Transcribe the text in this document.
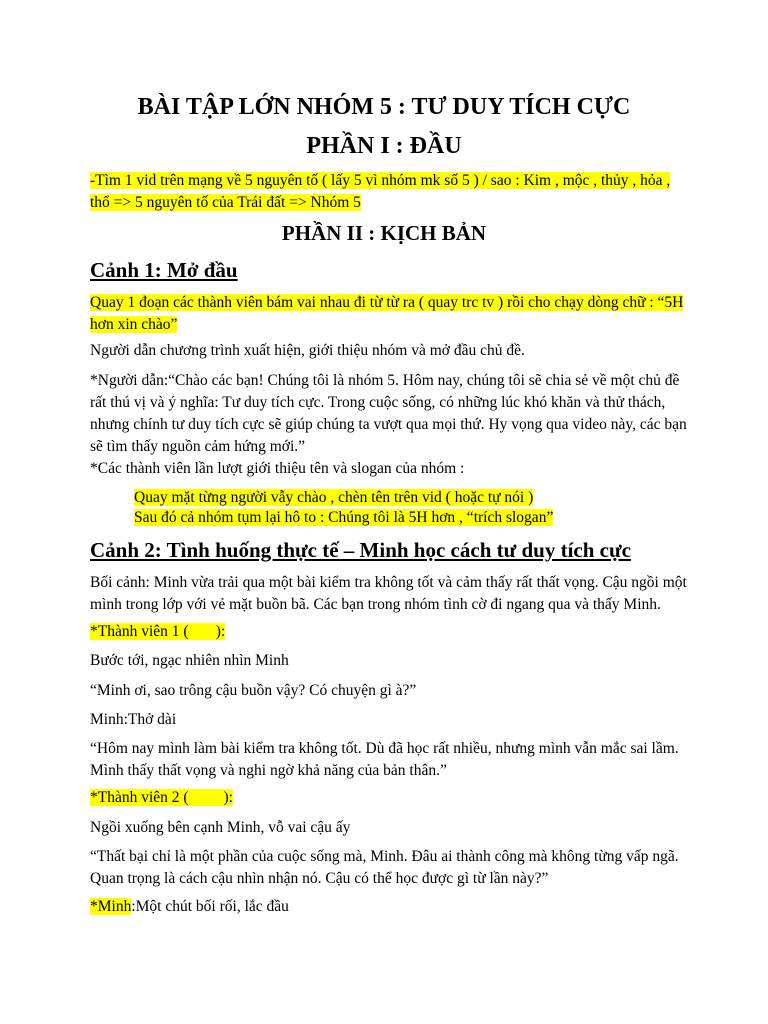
BÀI TẬP LỚN NHÓM 5 : TƯ DUY TÍCH CỰC
PHẦN I : ĐẦU

-Tìm 1 vid trên mạng về 5 nguyên tố ( lấy 5 vì nhóm mk số 5 ) / sao : Kim , mộc , thủy , hỏa , thổ => 5 nguyên tố của Trái đất => Nhóm 5

PHẦN II : KỊCH BẢN
Cảnh 1: Mở đầu

Quay 1 đoạn các thành viên bám vai nhau đi từ từ ra ( quay trc tv ) rồi cho chạy dòng chữ : “5H hơn xin chào”

Người dẫn chương trình xuất hiện, giới thiệu nhóm và mở đầu chủ đề.

*Người dẫn:“Chào các bạn! Chúng tôi là nhóm 5. Hôm nay, chúng tôi sẽ chia sẻ về một chủ đề rất thú vị và ý nghĩa: Tư duy tích cực. Trong cuộc sống, có những lúc khó khăn và thử thách, nhưng chính tư duy tích cực sẽ giúp chúng ta vượt qua mọi thứ. Hy vọng qua video này, các bạn sẽ tìm thấy nguồn cảm hứng mới.”

*Các thành viên lần lượt giới thiệu tên và slogan của nhóm :

Quay mặt từng người vẫy chào , chèn tên trên vid ( hoặc tự nói )

Sau đó cả nhóm tụm lại hô to : Chúng tôi là 5H hơn , “trích slogan”

Cảnh 2: Tình huống thực tế – Minh học cách tư duy tích cực

Bối cảnh: Minh vừa trải qua một bài kiểm tra không tốt và cảm thấy rất thất vọng. Cậu ngồi một mình trong lớp với vẻ mặt buồn bã. Các bạn trong nhóm tình cờ đi ngang qua và thấy Minh.

*Thành viên 1 (       ):

Bước tới, ngạc nhiên nhìn Minh

“Minh ơi, sao trông cậu buồn vậy? Có chuyện gì à?”

Minh:Thở dài

“Hôm nay mình làm bài kiểm tra không tốt. Dù đã học rất nhiều, nhưng mình vẫn mắc sai lầm. Mình thấy thất vọng và nghi ngờ khả năng của bản thân.”

*Thành viên 2 (         ):

Ngồi xuống bên cạnh Minh, vỗ vai cậu ấy

“Thất bại chỉ là một phần của cuộc sống mà, Minh. Đâu ai thành công mà không từng vấp ngã. Quan trọng là cách cậu nhìn nhận nó. Cậu có thể học được gì từ lần này?”

*Minh:Một chút bối rối, lắc đầu
